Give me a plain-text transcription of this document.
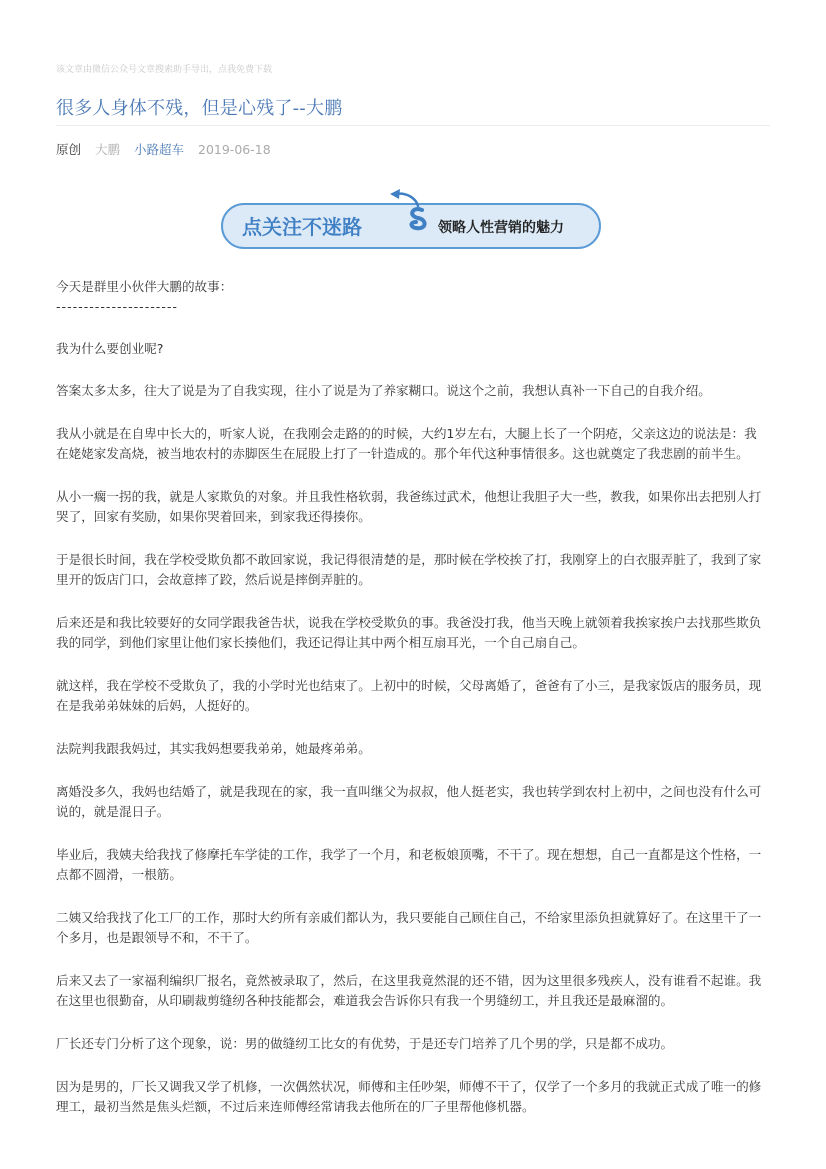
该文章由微信公众号文章搜索助手导出，点我免费下载
很多人身体不残，但是心残了--大鹏
原创 大鹏 小路超车 2019-06-18
点关注不迷路	领略人性营销的魅力

今天是群里小伙伴大鹏的故事：

----------------------

我为什么要创业呢?

答案太多太多，往大了说是为了自我实现，往小了说是为了养家糊口。说这个之前，我想认真补一下自己的自我介绍。

我从小就是在自卑中长大的，听家人说，在我刚会走路的的时候，大约1岁左右，大腿上长了一个阴疮，父亲这边的说法是：我在姥姥家发高烧，被当地农村的赤脚医生在屁股上打了一针造成的。那个年代这种事情很多。这也就奠定了我悲剧的前半生。

从小一瘸一拐的我，就是人家欺负的对象。并且我性格软弱，我爸练过武术，他想让我胆子大一些，教我，如果你出去把别人打哭了，回家有奖励，如果你哭着回来，到家我还得揍你。

于是很长时间，我在学校受欺负都不敢回家说，我记得很清楚的是，那时候在学校挨了打，我刚穿上的白衣服弄脏了，我到了家里开的饭店门口，会故意摔了跤，然后说是摔倒弄脏的。

后来还是和我比较要好的女同学跟我爸告状，说我在学校受欺负的事。我爸没打我，他当天晚上就领着我挨家挨户去找那些欺负我的同学，到他们家里让他们家长揍他们，我还记得让其中两个相互扇耳光，一个自己扇自己。

就这样，我在学校不受欺负了，我的小学时光也结束了。上初中的时候，父母离婚了，爸爸有了小三，是我家饭店的服务员，现在是我弟弟妹妹的后妈，人挺好的。

法院判我跟我妈过，其实我妈想要我弟弟，她最疼弟弟。

离婚没多久，我妈也结婚了，就是我现在的家，我一直叫继父为叔叔，他人挺老实，我也转学到农村上初中，之间也没有什么可说的，就是混日子。

毕业后，我姨夫给我找了修摩托车学徒的工作，我学了一个月，和老板娘顶嘴，不干了。现在想想，自己一直都是这个性格，一点都不圆滑，一根筋。

二姨又给我找了化工厂的工作，那时大约所有亲戚们都认为，我只要能自己顾住自己，不给家里添负担就算好了。在这里干了一个多月，也是跟领导不和，不干了。

后来又去了一家福利编织厂报名，竟然被录取了，然后，在这里我竟然混的还不错，因为这里很多残疾人，没有谁看不起谁。我在这里也很勤奋，从印刷裁剪缝纫各种技能都会，难道我会告诉你只有我一个男缝纫工，并且我还是最麻溜的。

厂长还专门分析了这个现象，说：男的做缝纫工比女的有优势，于是还专门培养了几个男的学，只是都不成功。

因为是男的，厂长又调我又学了机修，一次偶然状况，师傅和主任吵架，师傅不干了，仅学了一个多月的我就正式成了唯一的修理工，最初当然是焦头烂额，不过后来连师傅经常请我去他所在的厂子里帮他修机器。
